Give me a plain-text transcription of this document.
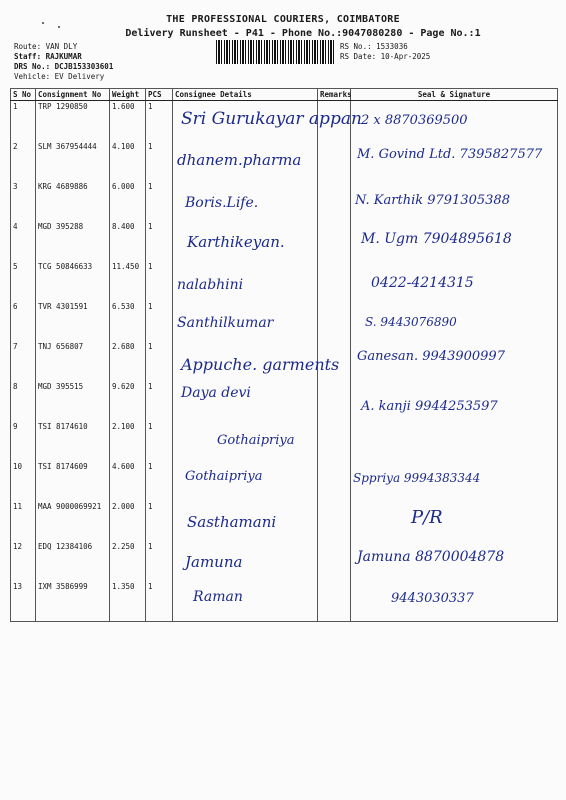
THE PROFESSIONAL COURIERS, COIMBATORE
Delivery Runsheet - P41 - Phone No.:9047080280 - Page No.:1
Route: VAN DLY
Staff: RAJKUMAR
DRS No.: DCJB153303601
Vehicle: EV Delivery
RS No.: 1533036
RS Date: 10-Apr-2025
S No	Consignment No	Weight	PCS	Consignee Details	Remarks	Seal & Signature
1	TRP 1290850	1.600	1	Sri Gurukayar appan		2 x 8870369500

2	SLM 367954444	4.100	1	dhanem.pharma		M. Govind Ltd. 7395827577

3	KRG 4689886	6.000	1	Boris.Life.		N. Karthik 9791305388

4	MGD 395288	8.400	1	Karthikeyan.		M. Ugm 7904895618

5	TCG 50846633	11.450	1	nalabhini		0422-4214315

6	TVR 4301591	6.530	1	Santhilkumar		S. 9443076890

7	TNJ 656807	2.680	1	Appuche. garments		Ganesan. 9943900997

8	MGD 395515	9.620	1	Daya devi		A. kanji 9944253597

9	TSI 8174610	2.100	1	Gothaipriya		

10	TSI 8174609	4.600	1	Gothaipriya		Sppriya 9994383344

11	MAA 9000069921	2.000	1	Sasthamani		P/R

12	EDQ 12384106	2.250	1	Jamuna		Jamuna 8870004878

13	IXM 3586999	1.350	1	Raman		9443030337
